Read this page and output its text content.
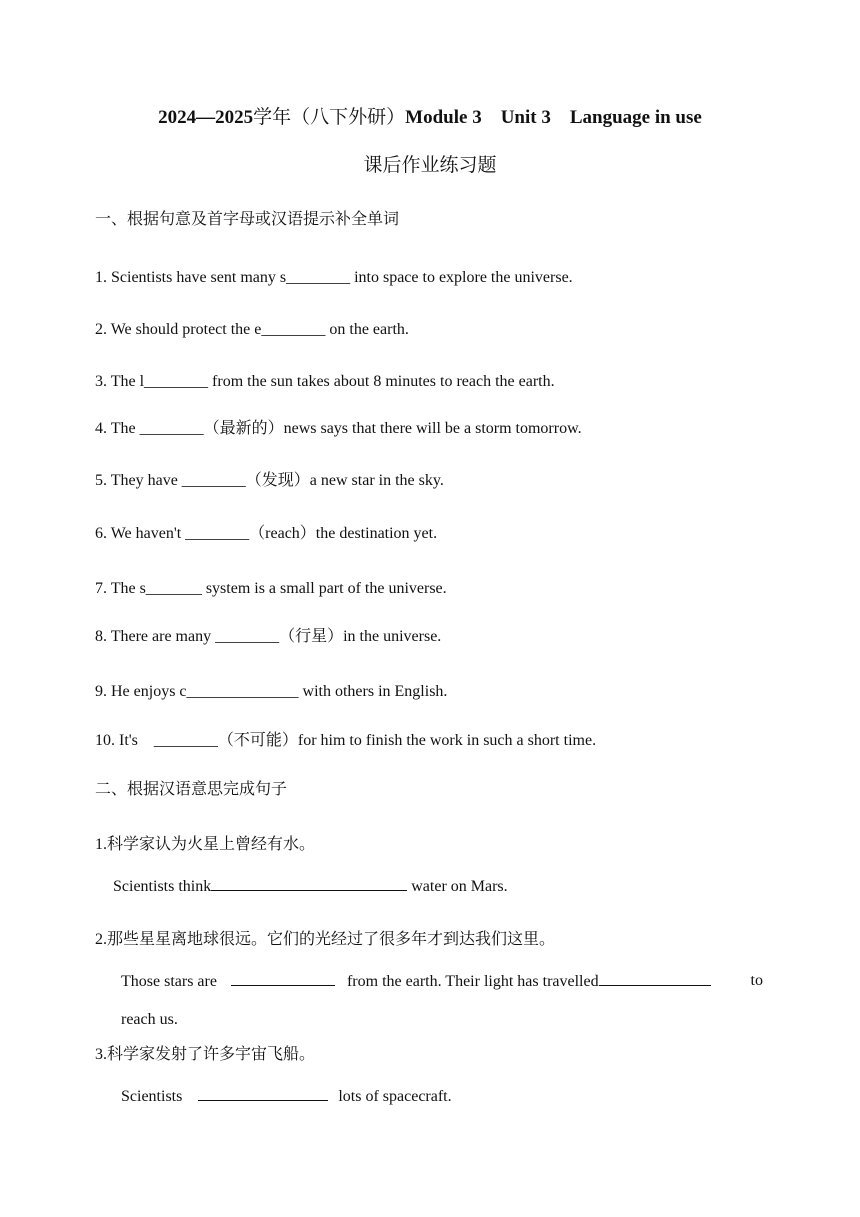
2024—2025学年（八下外研）Module 3    Unit 3    Language in use
课后作业练习题
一、根据句意及首字母或汉语提示补全单词
1. Scientists have sent many s________ into space to explore the universe.
2. We should protect the e________ on the earth.
3. The l________ from the sun takes about 8 minutes to reach the earth.
4. The ________（最新的）news says that there will be a storm tomorrow.
5. They have ________（发现）a new star in the sky.
6. We haven't ________（reach）the destination yet.
7. The s_______ system is a small part of the universe.
8. There are many ________（行星）in the universe.
9. He enjoys c______________ with others in English.
10. It's    ________（不可能）for him to finish the work in such a short time.
二、根据汉语意思完成句子
1.科学家认为火星上曾经有水。
Scientists think	water on Mars.
2.那些星星离地球很远。它们的光经过了很多年才到达我们这里。
Those stars are	from the earth. Their light has travelled	to
reach us.
3.科学家发射了许多宇宙飞船。
Scientists	lots of spacecraft.
